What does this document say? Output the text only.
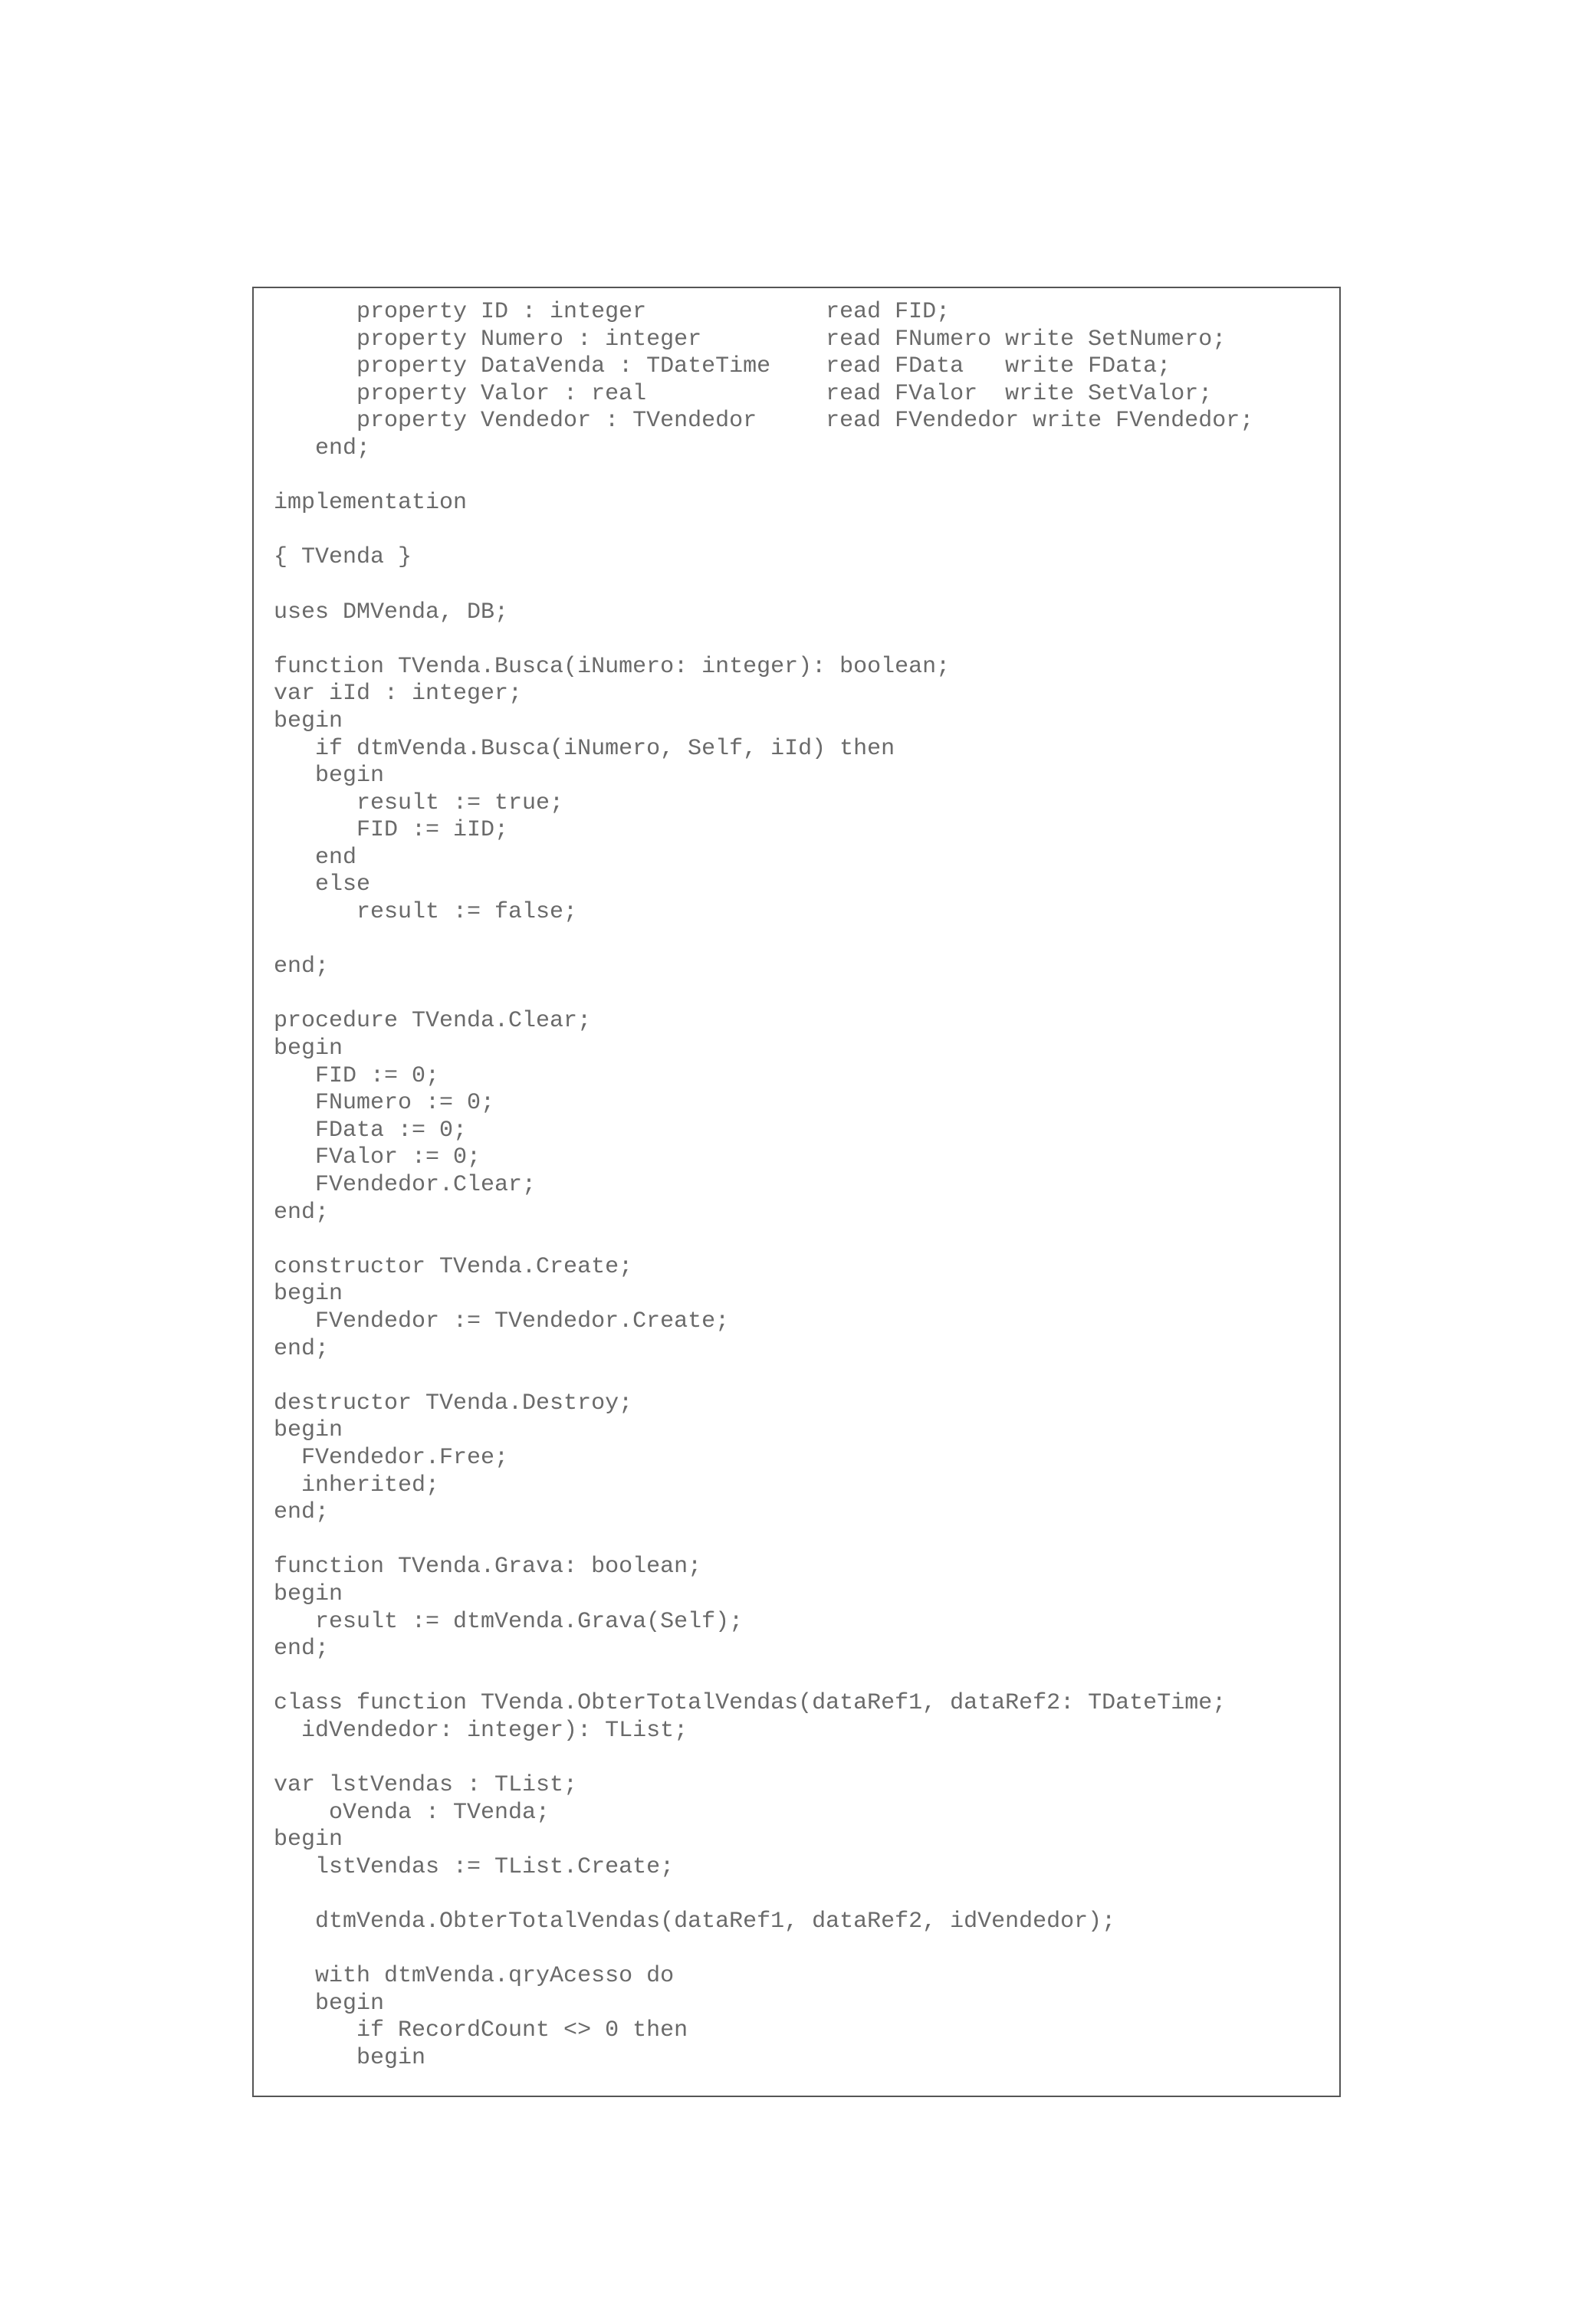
property ID : integer             read FID;
property Numero : integer         read FNumero write SetNumero;
property DataVenda : TDateTime    read FData   write FData;
property Valor : real             read FValor  write SetValor;
property Vendedor : TVendedor     read FVendedor write FVendedor;
end;
implementation
{ TVenda }
uses DMVenda, DB;
function TVenda.Busca(iNumero: integer): boolean;
var iId : integer;
begin
if dtmVenda.Busca(iNumero, Self, iId) then
begin
result := true;
FID := iID;
end
else
result := false;
end;
procedure TVenda.Clear;
begin
FID := 0;
FNumero := 0;
FData := 0;
FValor := 0;
FVendedor.Clear;
end;
constructor TVenda.Create;
begin
FVendedor := TVendedor.Create;
end;
destructor TVenda.Destroy;
begin
FVendedor.Free;
inherited;
end;
function TVenda.Grava: boolean;
begin
result := dtmVenda.Grava(Self);
end;
class function TVenda.ObterTotalVendas(dataRef1, dataRef2: TDateTime;
idVendedor: integer): TList;
var lstVendas : TList;
oVenda : TVenda;
begin
lstVendas := TList.Create;
dtmVenda.ObterTotalVendas(dataRef1, dataRef2, idVendedor);
with dtmVenda.qryAcesso do
begin
if RecordCount <> 0 then
begin
